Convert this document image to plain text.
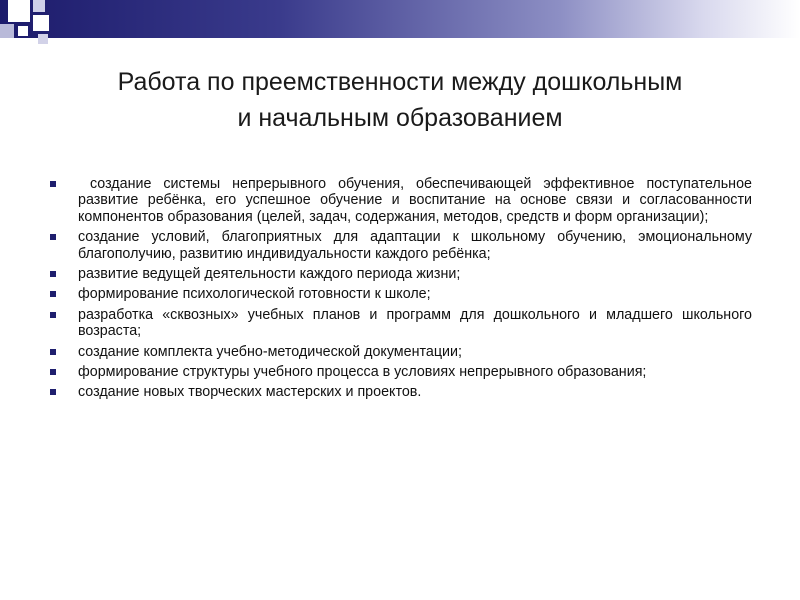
Работа по преемственности между дошкольным
и начальным образованием
создание системы непрерывного обучения, обеспечивающей эффективное поступательное развитие ребёнка, его успешное обучение и воспитание на основе связи и согласованности компонентов образования (целей, задач, содержания, методов, средств и форм организации);
создание условий, благоприятных для адаптации к школьному обучению, эмоциональному благополучию, развитию индивидуальности каждого ребёнка;
развитие ведущей деятельности каждого периода жизни;
формирование психологической готовности к школе;
разработка «сквозных» учебных планов и программ для дошкольного и младшего школьного возраста;
создание комплекта учебно-методической документации;
формирование структуры учебного процесса в условиях непрерывного образования;
создание новых творческих мастерских и проектов.
